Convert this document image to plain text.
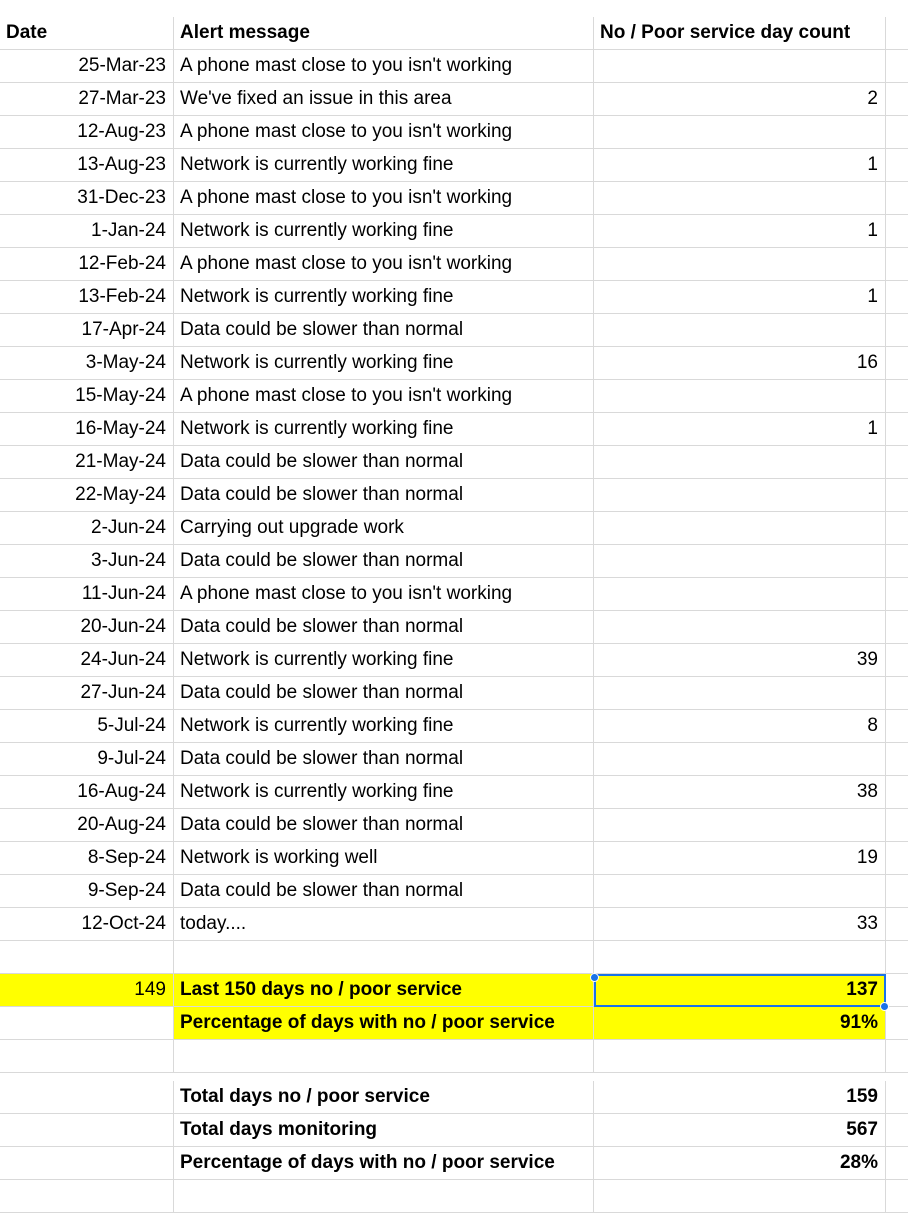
Date	Alert message	No / Poor service day count
25-Mar-23 A phone mast close to you isn't working
27-Mar-23 We've fixed an issue in this area	2
12-Aug-23 A phone mast close to you isn't working
13-Aug-23 Network is currently working fine	1
31-Dec-23 A phone mast close to you isn't working
1-Jan-24 Network is currently working fine	1
12-Feb-24 A phone mast close to you isn't working
13-Feb-24 Network is currently working fine	1
17-Apr-24 Data could be slower than normal
3-May-24 Network is currently working fine	16
15-May-24 A phone mast close to you isn't working
16-May-24 Network is currently working fine	1
21-May-24 Data could be slower than normal
22-May-24 Data could be slower than normal
2-Jun-24 Carrying out upgrade work
3-Jun-24 Data could be slower than normal
11-Jun-24 A phone mast close to you isn't working
20-Jun-24 Data could be slower than normal
24-Jun-24 Network is currently working fine	39
27-Jun-24 Data could be slower than normal
5-Jul-24 Network is currently working fine	8
9-Jul-24 Data could be slower than normal
16-Aug-24 Network is currently working fine	38
20-Aug-24 Data could be slower than normal
8-Sep-24 Network is working well	19
9-Sep-24 Data could be slower than normal
12-Oct-24 today....	33
149 Last 150 days no / poor service	137
Percentage of days with no / poor service	91%
Total days no / poor service	159
Total days monitoring	567
Percentage of days with no / poor service	28%
